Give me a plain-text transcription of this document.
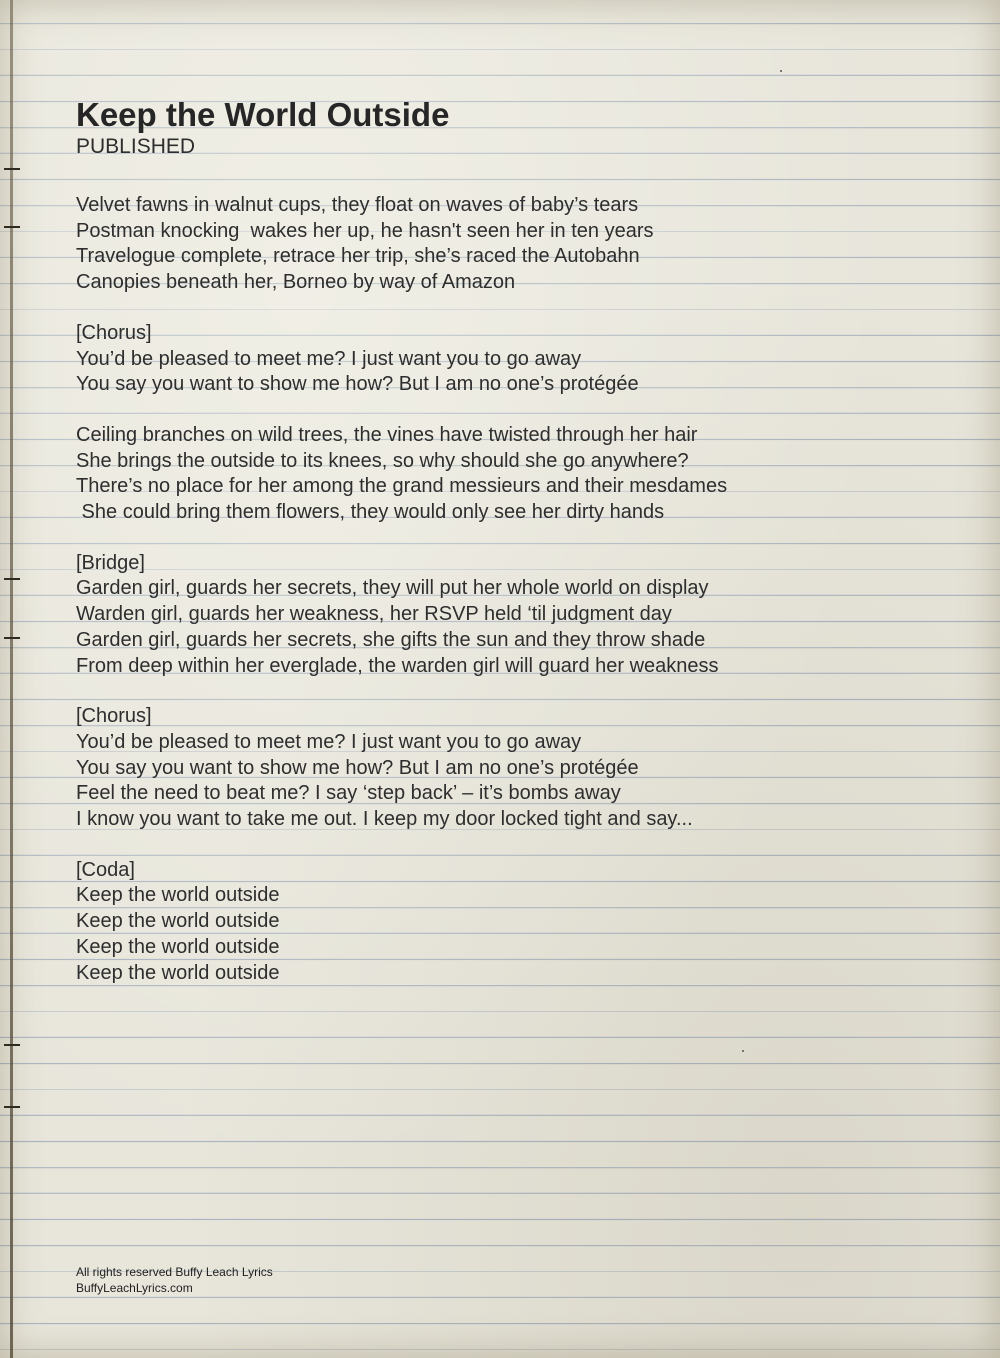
Keep the World Outside
PUBLISHED
Velvet fawns in walnut cups, they float on waves of baby’s tears
Postman knocking  wakes her up, he hasn't seen her in ten years
Travelogue complete, retrace her trip, she’s raced the Autobahn
Canopies beneath her, Borneo by way of Amazon
[Chorus]
You’d be pleased to meet me? I just want you to go away
You say you want to show me how? But I am no one’s protégée
Ceiling branches on wild trees, the vines have twisted through her hair
She brings the outside to its knees, so why should she go anywhere?
There’s no place for her among the grand messieurs and their mesdames
She could bring them flowers, they would only see her dirty hands
[Bridge]
Garden girl, guards her secrets, they will put her whole world on display
Warden girl, guards her weakness, her RSVP held ‘til judgment day
Garden girl, guards her secrets, she gifts the sun and they throw shade
From deep within her everglade, the warden girl will guard her weakness
[Chorus]
You’d be pleased to meet me? I just want you to go away
You say you want to show me how? But I am no one’s protégée
Feel the need to beat me? I say ‘step back’ – it’s bombs away
I know you want to take me out. I keep my door locked tight and say...
[Coda]
Keep the world outside
Keep the world outside
Keep the world outside
Keep the world outside
All rights reserved Buffy Leach Lyrics
BuffyLeachLyrics.com
